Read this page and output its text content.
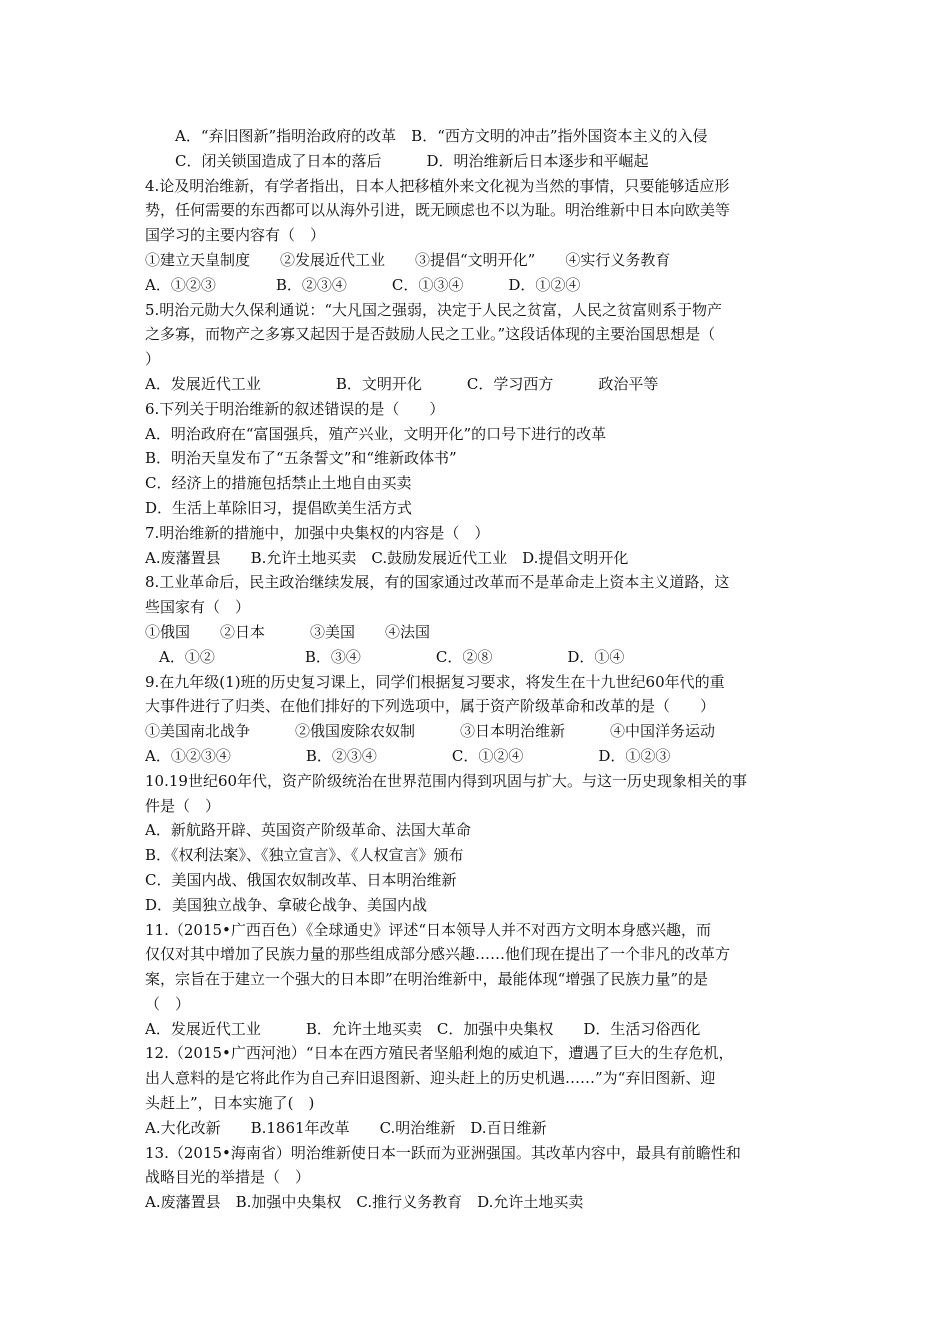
A．“弃旧图新”指明治政府的改革　B．“西方文明的冲击”指外国资本主义的入侵
C．闭关锁国造成了日本的落后　　　D．明治维新后日本逐步和平崛起
4.论及明治维新，有学者指出，日本人把移植外来文化视为当然的事情，只要能够适应形
势，任何需要的东西都可以从海外引进，既无顾虑也不以为耻。明治维新中日本向欧美等
国学习的主要内容有（　）
①建立天皇制度　　②发展近代工业　　③提倡“文明开化”　　④实行义务教育
A．①②③　　　　B．②③④　　　C．①③④　　　D．①②④
5.明治元勋大久保利通说：“大凡国之强弱，决定于人民之贫富，人民之贫富则系于物产
之多寡，而物产之多寡又起因于是否鼓励人民之工业。”这段话体现的主要治国思想是（
）
A．发展近代工业　　　　　B．文明开化　　　C．学习西方　　　政治平等
6.下列关于明治维新的叙述错误的是（　　）
A．明治政府在“富国强兵，殖产兴业，文明开化”的口号下进行的改革
B．明治天皇发布了“五条誓文”和“维新政体书”
C．经济上的措施包括禁止土地自由买卖
D．生活上革除旧习，提倡欧美生活方式
7.明治维新的措施中，加强中央集权的内容是（　）
A.废藩置县　　B.允许土地买卖　C.鼓励发展近代工业　D.提倡文明开化
8.工业革命后，民主政治继续发展，有的国家通过改革而不是革命走上资本主义道路，这
些国家有（　）
①俄国　　②日本　　　③美国　　④法国
A．①②　　　　　　B．③④　　　　　C．②⑧　　　　　D．①④
9.在九年级(1)班的历史复习课上，同学们根据复习要求，将发生在十九世纪60年代的重
大事件进行了归类、在他们排好的下列选项中，属于资产阶级革命和改革的是（　　）
①美国南北战争　　　②俄国废除农奴制　　　③日本明治维新　　　④中国洋务运动
A．①②③④　　　　　B．②③④　　　　　C．①②④　　　　　D．①②③
10.19世纪60年代，资产阶级统治在世界范围内得到巩固与扩大。与这一历史现象相关的事
件是（　）
A．新航路开辟、英国资产阶级革命、法国大革命
B．《权利法案》、《独立宣言》、《人权宣言》颁布
C．美国内战、俄国农奴制改革、日本明治维新
D．美国独立战争、拿破仑战争、美国内战
11.（2015•广西百色）《全球通史》评述“日本领导人并不对西方文明本身感兴趣，而
仅仅对其中增加了民族力量的那些组成部分感兴趣……他们现在提出了一个非凡的改革方
案，宗旨在于建立一个强大的日本即”在明治维新中，最能体现“增强了民族力量”的是
（　）
A．发展近代工业　　　B．允许土地买卖　C．加强中央集权　　D．生活习俗西化
12.（2015•广西河池）“日本在西方殖民者坚船利炮的威迫下，遭遇了巨大的生存危机，
出人意料的是它将此作为自己弃旧退图新、迎头赶上的历史机遇……”为“弃旧图新、迎
头赶上”，日本实施了(　)
A.大化改新　　B.1861年改革　　C.明治维新　D.百日维新
13.（2015•海南省）明治维新使日本一跃而为亚洲强国。其改革内容中，最具有前瞻性和
战略目光的举措是（　）
A.废藩置县　B.加强中央集权　C.推行义务教育　D.允许土地买卖
